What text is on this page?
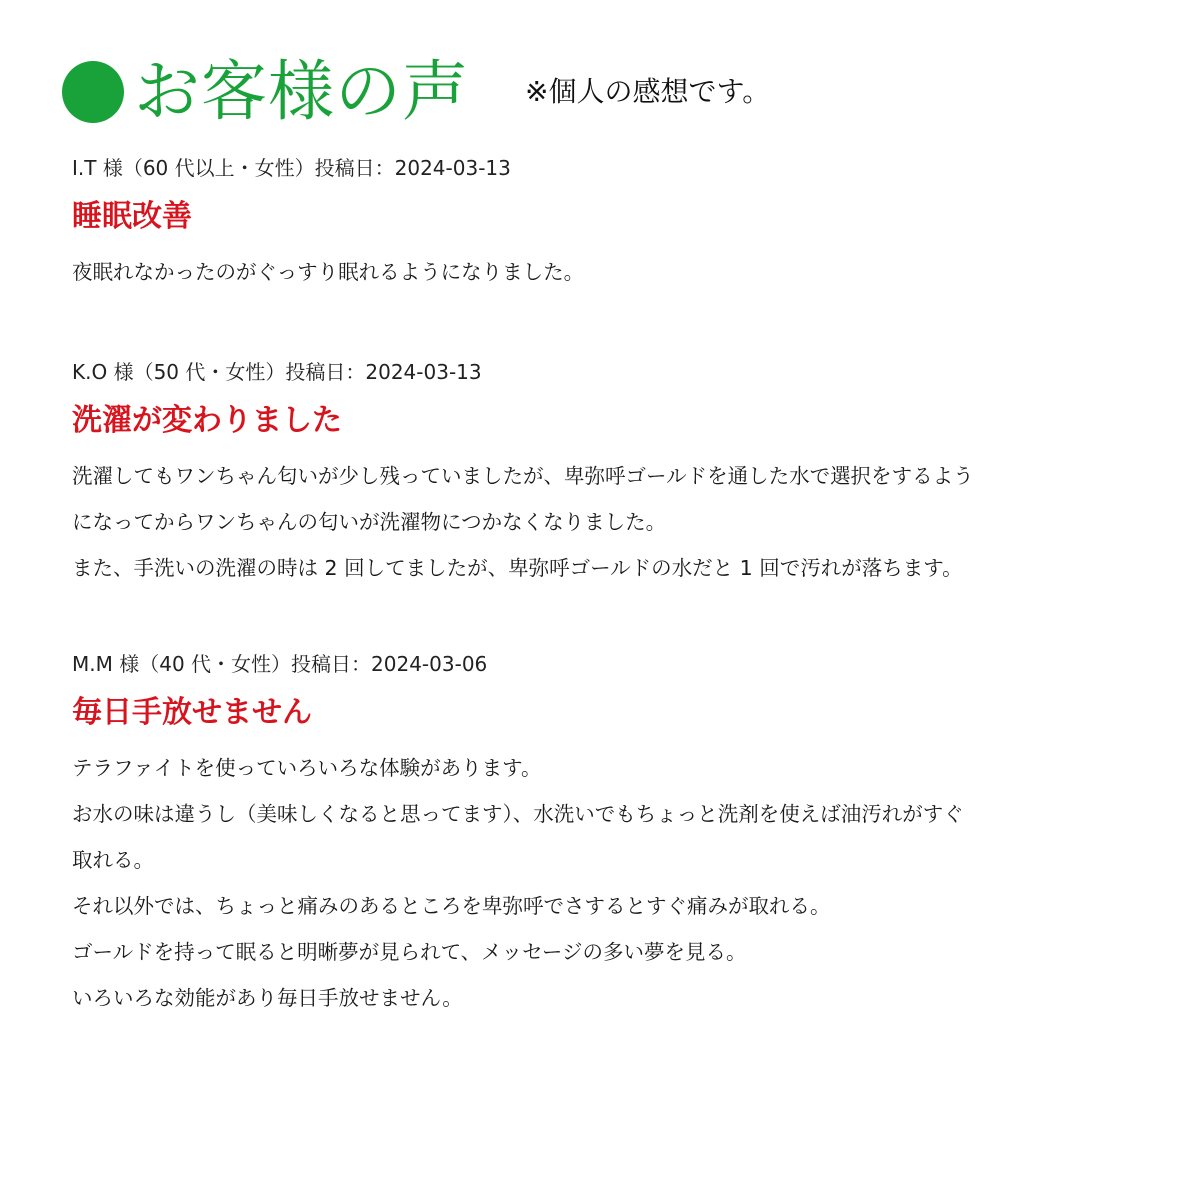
お客様の声 ※個人の感想です。
I.T 様（60 代以上・女性）投稿日：2024-03-13
睡眠改善
夜眠れなかったのがぐっすり眠れるようになりました。
K.O 様（50 代・女性）投稿日：2024-03-13
洗濯が変わりました
洗濯してもワンちゃん匂いが少し残っていましたが、卑弥呼ゴールドを通した水で選択をするよう
になってからワンちゃんの匂いが洗濯物につかなくなりました。
また、手洗いの洗濯の時は 2 回してましたが、卑弥呼ゴールドの水だと 1 回で汚れが落ちます。
M.M 様（40 代・女性）投稿日：2024-03-06
毎日手放せません
テラファイトを使っていろいろな体験があります。
お水の味は違うし（美味しくなると思ってます）、水洗いでもちょっと洗剤を使えば油汚れがすぐ
取れる。
それ以外では、ちょっと痛みのあるところを卑弥呼でさするとすぐ痛みが取れる。
ゴールドを持って眠ると明晰夢が見られて、メッセージの多い夢を見る。
いろいろな効能があり毎日手放せません。
